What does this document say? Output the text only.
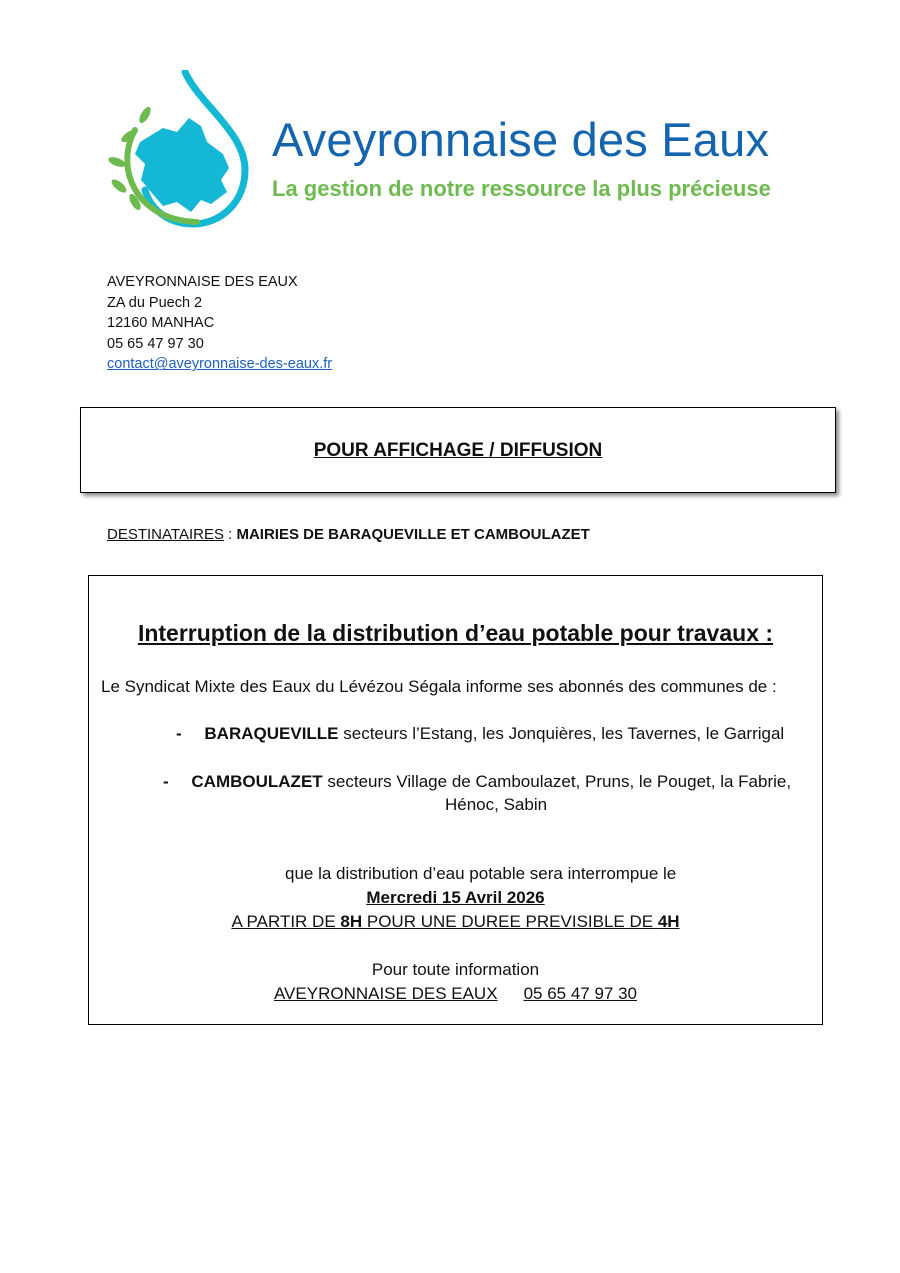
Aveyronnaise des Eaux
La gestion de notre ressource la plus précieuse
AVEYRONNAISE DES EAUX
ZA du Puech 2
12160 MANHAC
05 65 47 97 30
contact@aveyronnaise-des-eaux.fr
POUR AFFICHAGE / DIFFUSION
DESTINATAIRES : MAIRIES DE BARAQUEVILLE ET CAMBOULAZET
Interruption de la distribution d’eau potable pour travaux :
Le Syndicat Mixte des Eaux du Lévézou Ségala informe ses abonnés des communes de :
- BARAQUEVILLE secteurs l’Estang, les Jonquières, les Tavernes, le Garrigal
- CAMBOULAZET secteurs Village de Camboulazet, Pruns, le Pouget, la Fabrie,
Hénoc, Sabin
que la distribution d’eau potable sera interrompue le
Mercredi 15 Avril 2026
A PARTIR DE 8H POUR UNE DUREE PREVISIBLE DE 4H
Pour toute information
AVEYRONNAISE DES EAUX 05 65 47 97 30
